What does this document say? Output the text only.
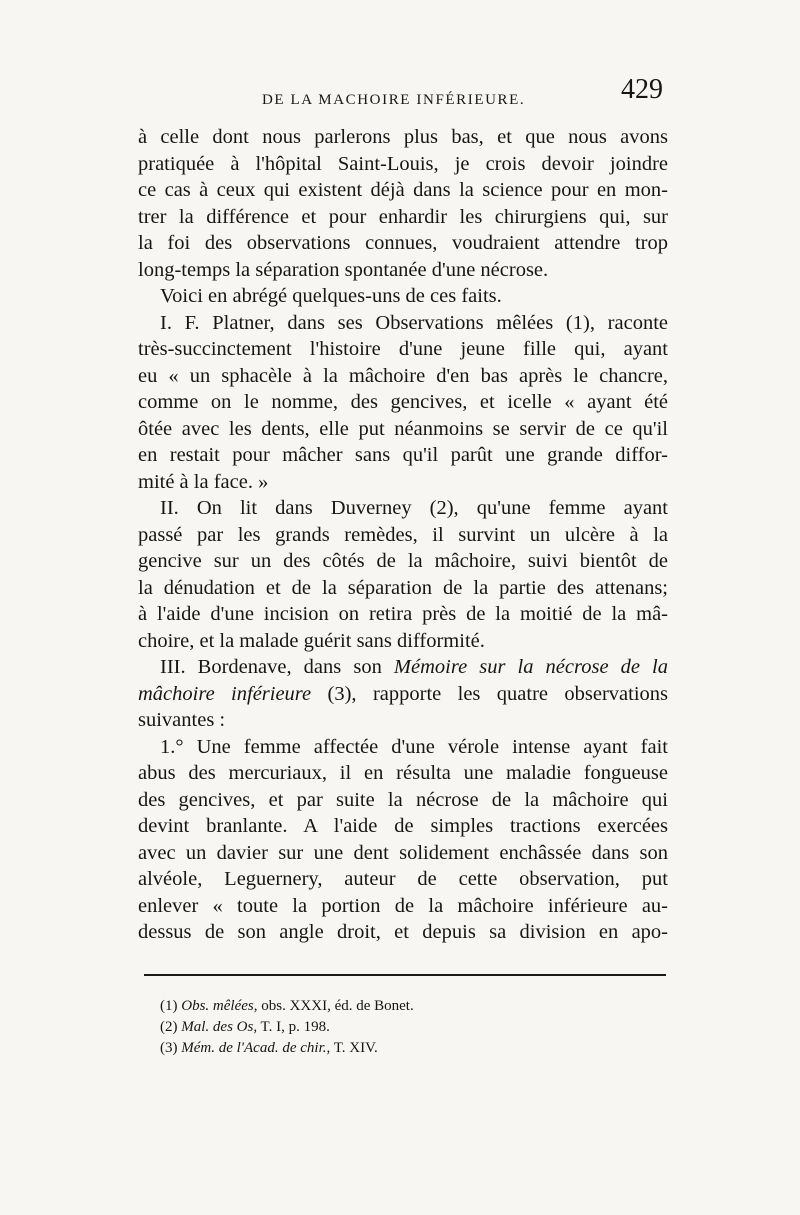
DE LA MACHOIRE INFÉRIEURE.	429
à celle dont nous parlerons plus bas, et que nous avons
pratiquée à l'hôpital Saint-Louis, je crois devoir joindre
ce cas à ceux qui existent déjà dans la science pour en mon-
trer la différence et pour enhardir les chirurgiens qui, sur
la foi des observations connues, voudraient attendre trop
long-temps la séparation spontanée d'une nécrose.
Voici en abrégé quelques-uns de ces faits.
I. F. Platner, dans ses Observations mêlées (1), raconte
très-succinctement l'histoire d'une jeune fille qui, ayant
eu « un sphacèle à la mâchoire d'en bas après le chancre,
comme on le nomme, des gencives, et icelle « ayant été
ôtée avec les dents, elle put néanmoins se servir de ce qu'il
en restait pour mâcher sans qu'il parût une grande diffor-
mité à la face. »
II. On lit dans Duverney (2), qu'une femme ayant
passé par les grands remèdes, il survint un ulcère à la
gencive sur un des côtés de la mâchoire, suivi bientôt de
la dénudation et de la séparation de la partie des attenans;
à l'aide d'une incision on retira près de la moitié de la mâ-
choire, et la malade guérit sans difformité.
III. Bordenave, dans son Mémoire sur la nécrose de la
mâchoire inférieure (3), rapporte les quatre observations
suivantes :
1.° Une femme affectée d'une vérole intense ayant fait
abus des mercuriaux, il en résulta une maladie fongueuse
des gencives, et par suite la nécrose de la mâchoire qui
devint branlante. A l'aide de simples tractions exercées
avec un davier sur une dent solidement enchâssée dans son
alvéole, Leguernery, auteur de cette observation, put
enlever « toute la portion de la mâchoire inférieure au-
dessus de son angle droit, et depuis sa division en apo-
(1) Obs. mêlées, obs. XXXI, éd. de Bonet.
(2) Mal. des Os, T. I, p. 198.
(3) Mém. de l'Acad. de chir., T. XIV.
